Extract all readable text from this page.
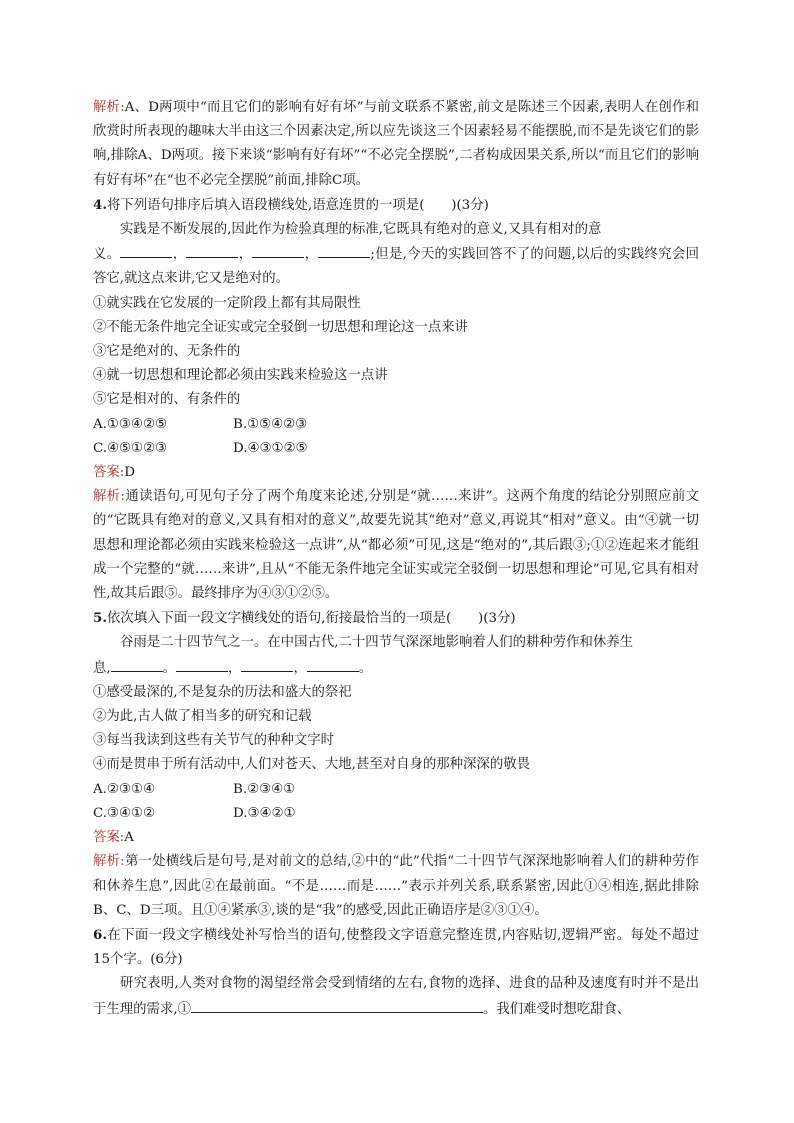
解析:A、D两项中“而且它们的影响有好有坏”与前文联系不紧密,前文是陈述三个因素,表明人在创作和欣赏时所表现的趣味大半由这三个因素决定,所以应先谈这三个因素轻易不能摆脱,而不是先谈它们的影响,排除A、D两项。接下来谈“影响有好有坏”“不必完全摆脱”,二者构成因果关系,所以“而且它们的影响有好有坏”在“也不必完全摆脱”前面,排除C项。

4.将下列语句排序后填入语段横线处,语意连贯的一项是(　　)(3分)

实践是不断发展的,因此作为检验真理的标准,它既具有绝对的意义,又具有相对的意

义。	，	，	，	;但是,今天的实践回答不了的问题,以后的实践终究会回答它,就这点来讲,它又是绝对的。

①就实践在它发展的一定阶段上都有其局限性

②不能无条件地完全证实或完全驳倒一切思想和理论这一点来讲

③它是绝对的、无条件的

④就一切思想和理论都必须由实践来检验这一点讲

⑤它是相对的、有条件的

A.①③④②⑤	B.①⑤④②③
C.④⑤①②③	D.④③①②⑤

答案:D

解析:通读语句,可见句子分了两个角度来论述,分别是“就……来讲”。这两个角度的结论分别照应前文的“它既具有绝对的意义,又具有相对的意义”,故要先说其“绝对”意义,再说其“相对”意义。由“④就一切思想和理论都必须由实践来检验这一点讲”,从“都必须”可见,这是“绝对的”,其后跟③;①②连起来才能组成一个完整的“就……来讲”,且从“不能无条件地完全证实或完全驳倒一切思想和理论”可见,它具有相对性,故其后跟⑤。最终排序为④③①②⑤。

5.依次填入下面一段文字横线处的语句,衔接最恰当的一项是(　　)(3分)

谷雨是二十四节气之一。在中国古代,二十四节气深深地影响着人们的耕种劳作和休养生

息,	。	，	，	。

①感受最深的,不是复杂的历法和盛大的祭祀

②为此,古人做了相当多的研究和记载

③每当我读到这些有关节气的种种文字时

④而是贯串于所有活动中,人们对苍天、大地,甚至对自身的那种深深的敬畏

A.②③①④	B.②③④①
C.③④①②	D.③④②①

答案:A

解析:第一处横线后是句号,是对前文的总结,②中的“此”代指“二十四节气深深地影响着人们的耕种劳作和休养生息”,因此②在最前面。“不是……而是……”表示并列关系,联系紧密,因此①④相连,据此排除B、C、D三项。且①④紧承③,谈的是“我”的感受,因此正确语序是②③①④。

6.在下面一段文字横线处补写恰当的语句,使整段文字语意完整连贯,内容贴切,逻辑严密。每处不超过15个字。(6分)

研究表明,人类对食物的渴望经常会受到情绪的左右,食物的选择、进食的品种及速度有时并不是出于生理的需求,①	。我们难受时想吃甜食、
